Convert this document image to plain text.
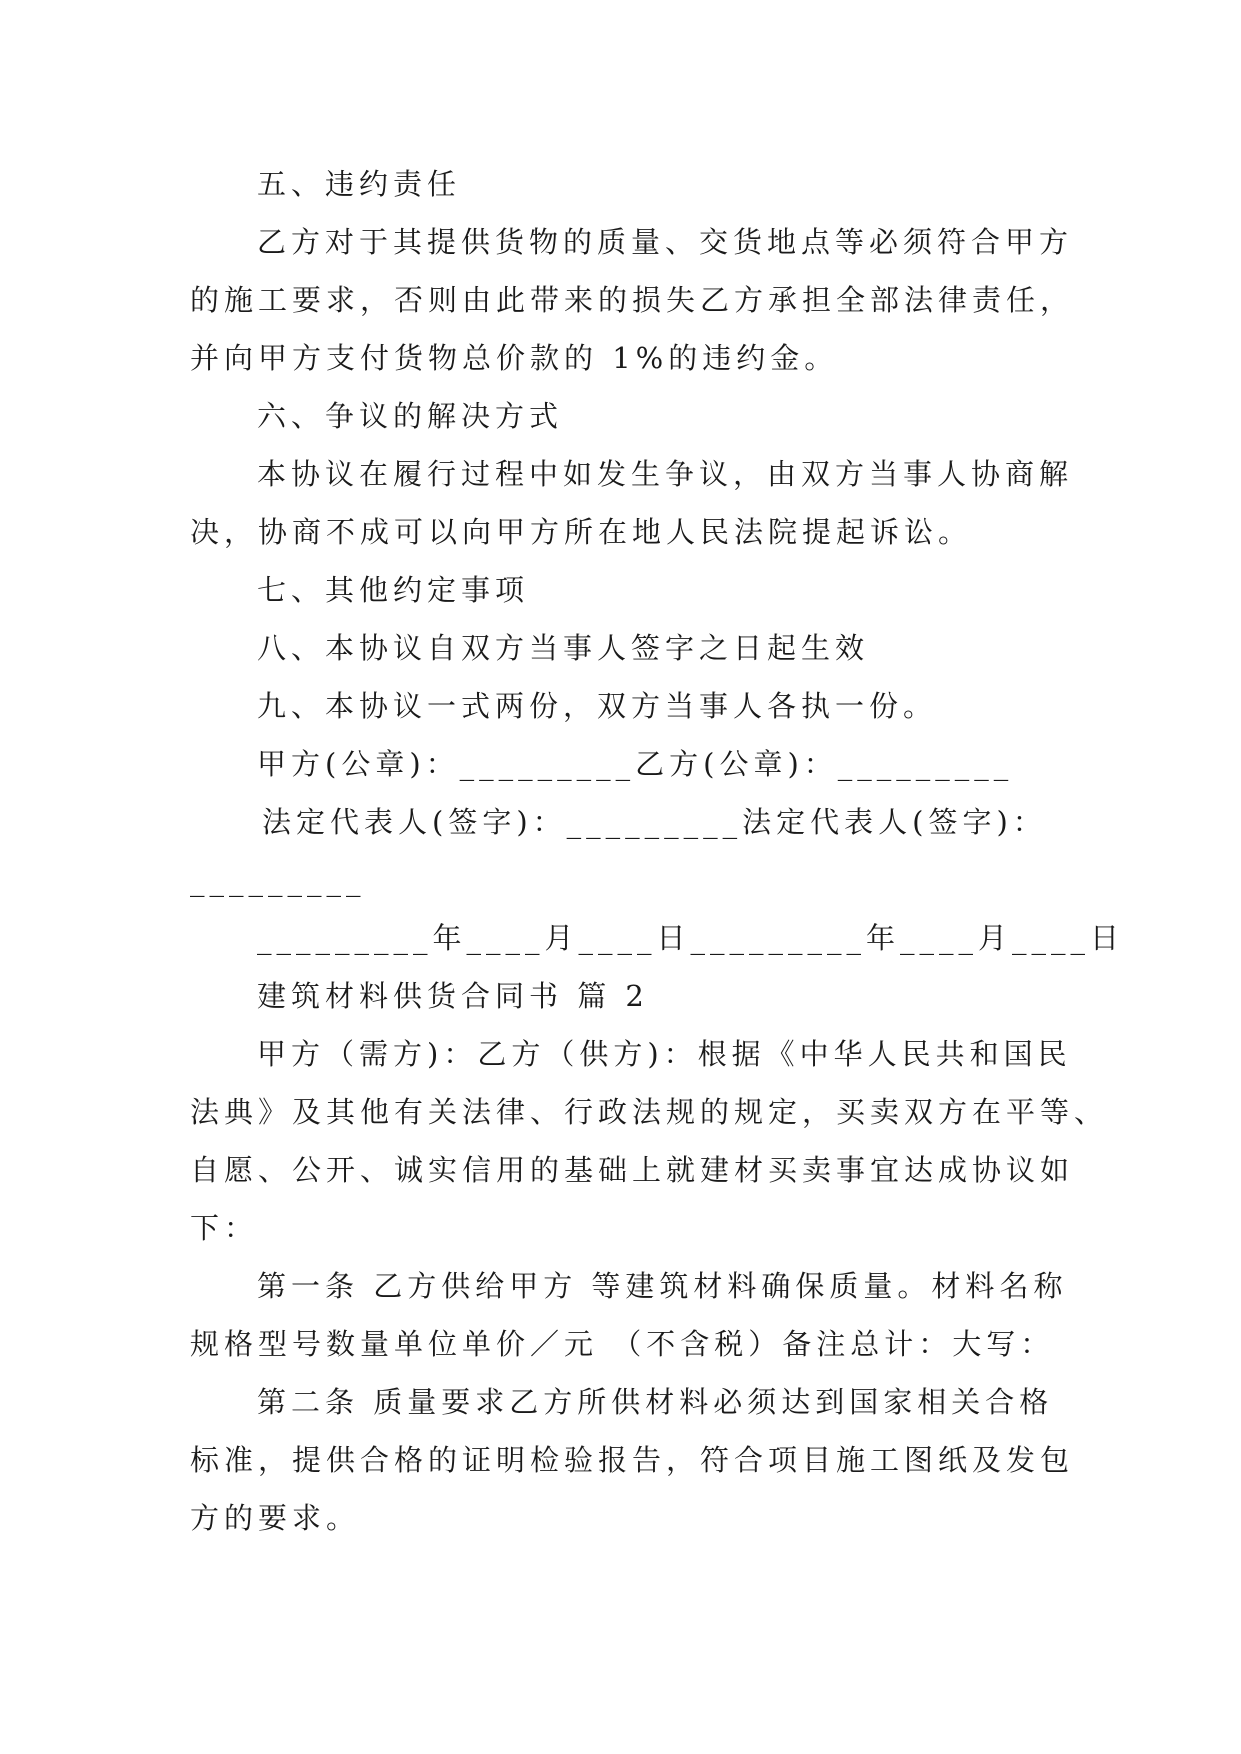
五、违约责任
乙方对于其提供货物的质量、交货地点等必须符合甲方
的施工要求，否则由此带来的损失乙方承担全部法律责任，
并向甲方支付货物总价款的 1%的违约金。
六、争议的解决方式
本协议在履行过程中如发生争议，由双方当事人协商解
决，协商不成可以向甲方所在地人民法院提起诉讼。
七、其他约定事项
八、本协议自双方当事人签字之日起生效
九、本协议一式两份，双方当事人各执一份。
甲方(公章)：_________乙方(公章)：_________
法定代表人(签字)：_________法定代表人(签字)：
_________
_________年____月____日_________年____月____日
建筑材料供货合同书 篇 2
甲方（需方)：乙方（供方)：根据《中华人民共和国民
法典》及其他有关法律、行政法规的规定，买卖双方在平等、
自愿、公开、诚实信用的基础上就建材买卖事宜达成协议如
下：
第一条 乙方供给甲方 等建筑材料确保质量。材料名称
规格型号数量单位单价／元 （不含税）备注总计：大写：
第二条 质量要求乙方所供材料必须达到国家相关合格
标准，提供合格的证明检验报告，符合项目施工图纸及发包
方的要求。
